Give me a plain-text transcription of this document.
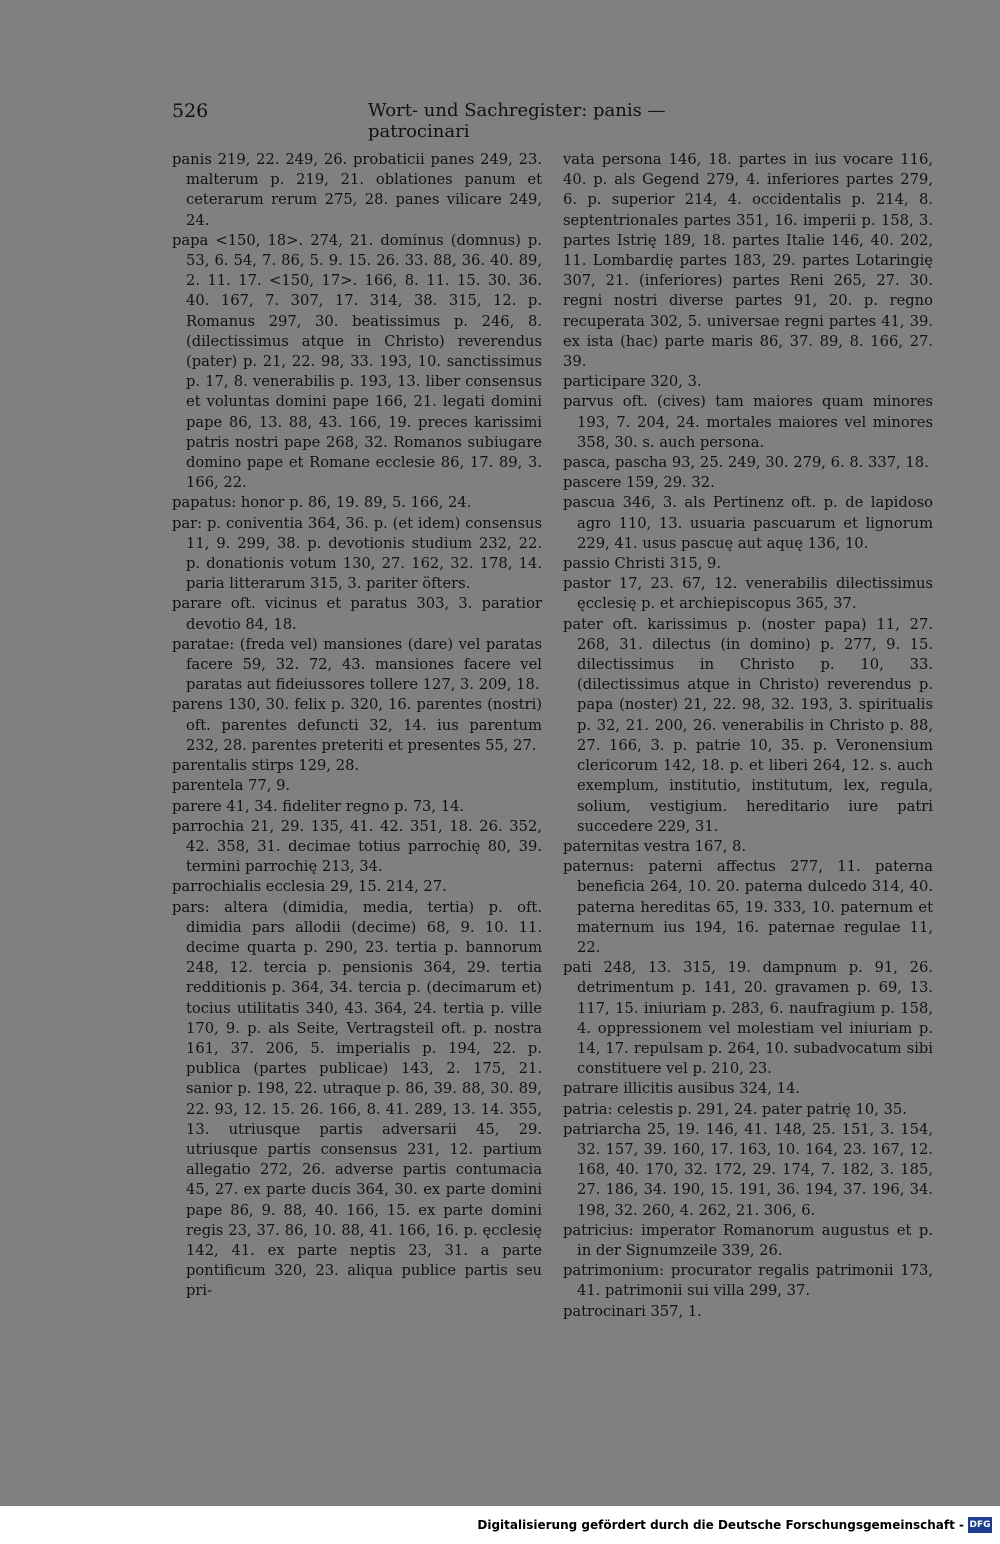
526	Wort- und Sachregister: panis — patrocinari
panis 219, 22. 249, 26. probaticii panes 249, 23. malterum p. 219, 21. oblationes panum et ceterarum rerum 275, 28. panes vilicare 249, 24.
papa <150, 18>. 274, 21. dominus (domnus) p. 53, 6. 54, 7. 86, 5. 9. 15. 26. 33. 88, 36. 40. 89, 2. 11. 17. <150, 17>. 166, 8. 11. 15. 30. 36. 40. 167, 7. 307, 17. 314, 38. 315, 12. p. Romanus 297, 30. beatissimus p. 246, 8. (dilectissimus atque in Christo) reverendus (pater) p. 21, 22. 98, 33. 193, 10. sanctissimus p. 17, 8. venerabilis p. 193, 13. liber consensus et voluntas domini pape 166, 21. legati domini pape 86, 13. 88, 43. 166, 19. preces karissimi patris nostri pape 268, 32. Romanos subiugare domino pape et Romane ecclesie 86, 17. 89, 3. 166, 22.
papatus: honor p. 86, 19. 89, 5. 166, 24.
par: p. coniventia 364, 36. p. (et idem) consensus 11, 9. 299, 38. p. devotionis studium 232, 22. p. donationis votum 130, 27. 162, 32. 178, 14. paria litterarum 315, 3. pariter öfters.
parare oft. vicinus et paratus 303, 3. paratior devotio 84, 18.
paratae: (freda vel) mansiones (dare) vel paratas facere 59, 32. 72, 43. mansiones facere vel paratas aut fideiussores tollere 127, 3. 209, 18.
parens 130, 30. felix p. 320, 16. parentes (nostri) oft. parentes defuncti 32, 14. ius parentum 232, 28. parentes preteriti et presentes 55, 27.
parentalis stirps 129, 28.
parentela 77, 9.
parere 41, 34. fideliter regno p. 73, 14.
parrochia 21, 29. 135, 41. 42. 351, 18. 26. 352, 42. 358, 31. decimae totius parrochię 80, 39. termini parrochię 213, 34.
parrochialis ecclesia 29, 15. 214, 27.
pars: altera (dimidia, media, tertia) p. oft. dimidia pars allodii (decime) 68, 9. 10. 11. decime quarta p. 290, 23. tertia p. bannorum 248, 12. tercia p. pensionis 364, 29. tertia redditionis p. 364, 34. tercia p. (decimarum et) tocius utilitatis 340, 43. 364, 24. tertia p. ville 170, 9. p. als Seite, Vertragsteil oft. p. nostra 161, 37. 206, 5. imperialis p. 194, 22. p. publica (partes publicae) 143, 2. 175, 21. sanior p. 198, 22. utraque p. 86, 39. 88, 30. 89, 22. 93, 12. 15. 26. 166, 8. 41. 289, 13. 14. 355, 13. utriusque partis adversarii 45, 29. utriusque partis consensus 231, 12. partium allegatio 272, 26. adverse partis contumacia 45, 27. ex parte ducis 364, 30. ex parte domini pape 86, 9. 88, 40. 166, 15. ex parte domini regis 23, 37. 86, 10. 88, 41. 166, 16. p. ęcclesię 142, 41. ex parte neptis 23, 31. a parte pontificum 320, 23. aliqua publice partis seu pri-
vata persona 146, 18. partes in ius vocare 116, 40. p. als Gegend 279, 4. inferiores partes 279, 6. p. superior 214, 4. occidentalis p. 214, 8. septentrionales partes 351, 16. imperii p. 158, 3. partes Istrię 189, 18. partes Italie 146, 40. 202, 11. Lombardię partes 183, 29. partes Lotaringię 307, 21. (inferiores) partes Reni 265, 27. 30. regni nostri diverse partes 91, 20. p. regno recuperata 302, 5. universae regni partes 41, 39. ex ista (hac) parte maris 86, 37. 89, 8. 166, 27. 39.
participare 320, 3.
parvus oft. (cives) tam maiores quam minores 193, 7. 204, 24. mortales maiores vel minores 358, 30. s. auch persona.
pasca, pascha 93, 25. 249, 30. 279, 6. 8. 337, 18.
pascere 159, 29. 32.
pascua 346, 3. als Pertinenz oft. p. de lapidoso agro 110, 13. usuaria pascuarum et lignorum 229, 41. usus pascuę aut aquę 136, 10.
passio Christi 315, 9.
pastor 17, 23. 67, 12. venerabilis dilectissimus ęcclesię p. et archiepiscopus 365, 37.
pater oft. karissimus p. (noster papa) 11, 27. 268, 31. dilectus (in domino) p. 277, 9. 15. dilectissimus in Christo p. 10, 33. (dilectissimus atque in Christo) reverendus p. papa (noster) 21, 22. 98, 32. 193, 3. spiritualis p. 32, 21. 200, 26. venerabilis in Christo p. 88, 27. 166, 3. p. patrie 10, 35. p. Veronensium clericorum 142, 18. p. et liberi 264, 12. s. auch exemplum, institutio, institutum, lex, regula, solium, vestigium. hereditario iure patri succedere 229, 31.
paternitas vestra 167, 8.
paternus: paterni affectus 277, 11. paterna beneficia 264, 10. 20. paterna dulcedo 314, 40. paterna hereditas 65, 19. 333, 10. paternum et maternum ius 194, 16. paternae regulae 11, 22.
pati 248, 13. 315, 19. dampnum p. 91, 26. detrimentum p. 141, 20. gravamen p. 69, 13. 117, 15. iniuriam p. 283, 6. naufragium p. 158, 4. oppressionem vel molestiam vel iniuriam p. 14, 17. repulsam p. 264, 10. subadvocatum sibi constituere vel p. 210, 23.
patrare illicitis ausibus 324, 14.
patria: celestis p. 291, 24. pater patrię 10, 35.
patriarcha 25, 19. 146, 41. 148, 25. 151, 3. 154, 32. 157, 39. 160, 17. 163, 10. 164, 23. 167, 12. 168, 40. 170, 32. 172, 29. 174, 7. 182, 3. 185, 27. 186, 34. 190, 15. 191, 36. 194, 37. 196, 34. 198, 32. 260, 4. 262, 21. 306, 6.
patricius: imperator Romanorum augustus et p. in der Signumzeile 339, 26.
patrimonium: procurator regalis patrimonii 173, 41. patrimonii sui villa 299, 37.
patrocinari 357, 1.
Digitalisierung gefördert durch die Deutsche Forschungsgemeinschaft - DFG
